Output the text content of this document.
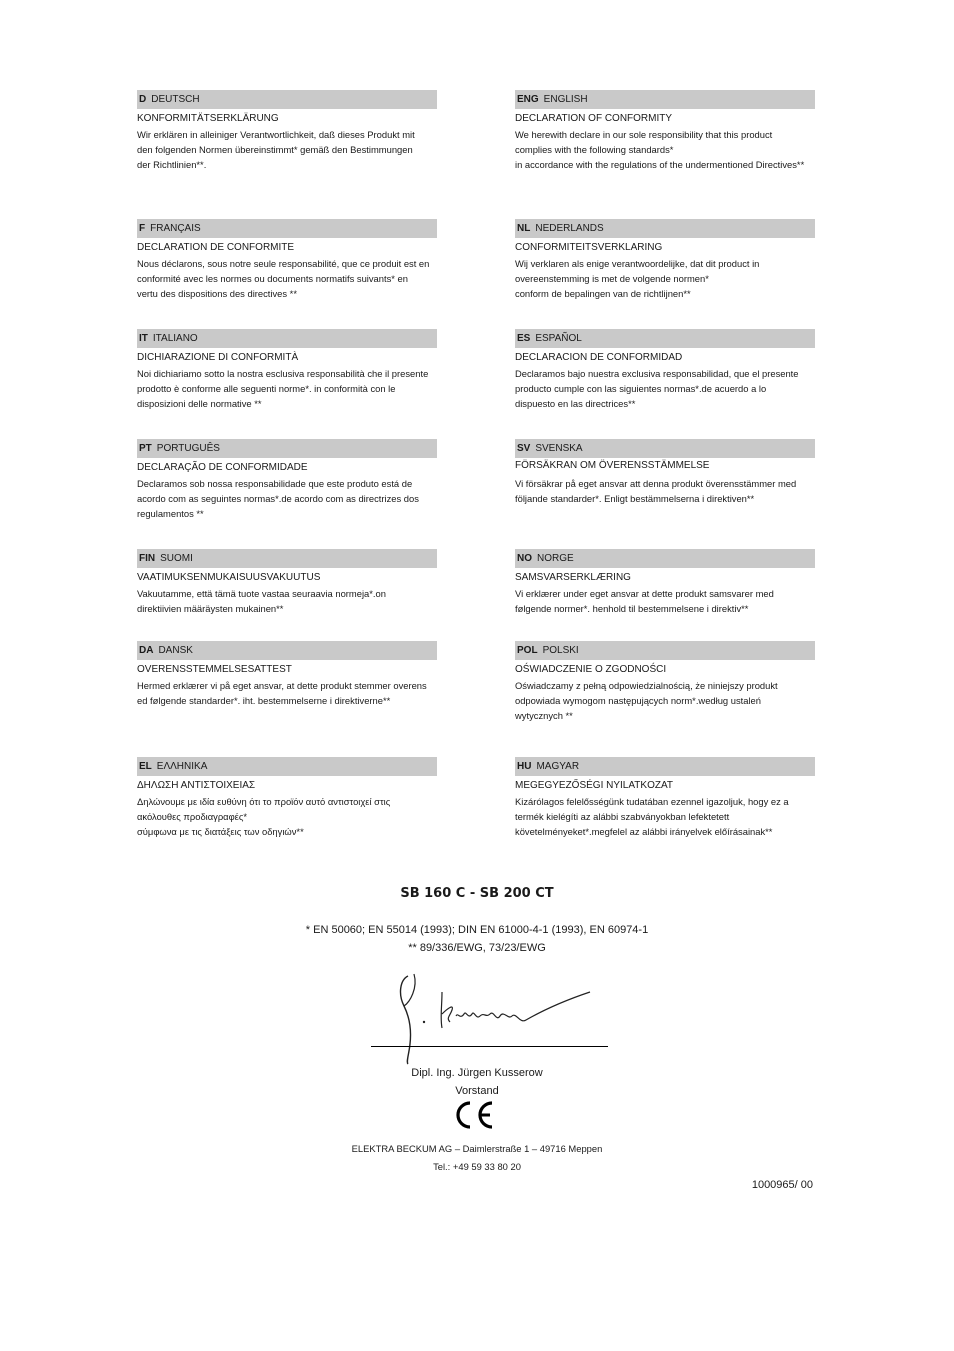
D DEUTSCH
KONFORMITÄTSERKLÄRUNG
Wir erklären in alleiniger Verantwortlichkeit, daß dieses Produkt mit
den folgenden Normen übereinstimmt* gemäß den Bestimmungen
der Richtlinien**.
F FRANÇAIS
DECLARATION DE CONFORMITE
Nous déclarons, sous notre seule responsabilité, que ce produit est en
conformité avec les normes ou documents normatifs suivants* en
vertu des dispositions des directives **
IT ITALIANO
DICHIARAZIONE DI CONFORMITÀ
Noi dichiariamo sotto la nostra esclusiva responsabilità che il presente
prodotto è conforme alle seguenti norme*. in conformità con le
disposizioni delle normative **
PT PORTUGUÊS
DECLARAÇÃO DE CONFORMIDADE
Declaramos sob nossa responsabilidade que este produto está de
acordo com as seguintes normas*.de acordo com as directrizes dos
regulamentos **
FIN SUOMI
VAATIMUKSENMUKAISUUSVAKUUTUS
Vakuutamme, että tämä tuote vastaa seuraavia normeja*.on
direktiivien määräysten mukainen**
DA DANSK
OVERENSSTEMMELSESATTEST
Hermed erklærer vi på eget ansvar, at dette produkt stemmer overens
ed følgende standarder*. iht. bestemmelserne i direktiverne**
EL ΕΛΛΗΝΙΚΑ
ΔΗΛΩΣΗ ΑΝΤΙΣΤΟΙΧΕΙΑΣ
Δηλώνουμε με ιδία ευθύνη ότι το προϊόν αυτό αντιστοιχεί στις
ακόλουθες προδιαγραφές*
σύμφωνα με τις διατάξεις των οδηγιών**
ENG ENGLISH
DECLARATION OF CONFORMITY
We herewith declare in our sole responsibility that this product
complies with the following standards*
in accordance with the regulations of the undermentioned Directives**
NL NEDERLANDS
CONFORMITEITSVERKLARING
Wij verklaren als enige verantwoordelijke, dat dit product in
overeenstemming is met de volgende normen*
conform de bepalingen van de richtlijnen**
ES ESPAÑOL
DECLARACION DE CONFORMIDAD
Declaramos bajo nuestra exclusiva responsabilidad, que el presente
producto cumple con las siguientes normas*.de acuerdo a lo
dispuesto en las directrices**
SV SVENSKA
FÖRSÄKRAN OM ÖVERENSSTÄMMELSE
Vi försäkrar på eget ansvar att denna produkt överensstämmer med
följande standarder*. Enligt bestämmelserna i direktiven**
NO NORGE
SAMSVARSERKLÆRING
Vi erklærer under eget ansvar at dette produkt samsvarer med
følgende normer*. henhold til bestemmelsene i direktiv**
POL POLSKI
OŚWIADCZENIE O ZGODNOŚCI
Oświadczamy z pełną odpowiedzialnością, że niniejszy produkt
odpowiada wymogom następujących norm*.według ustaleń
wytycznych **
HU MAGYAR
MEGEGYEZŐSÉGI NYILATKOZAT
Kizárólagos felelősségünk tudatában ezennel igazoljuk, hogy ez a
termék kielégíti az alábbi szabványokban lefektetett
követelményeket*.megfelel az alábbi irányelvek előírásainak**
SB 160 C - SB 200 CT
* EN 50060; EN 55014 (1993); DIN EN 61000-4-1 (1993), EN 60974-1
** 89/336/EWG, 73/23/EWG
Dipl. Ing. Jürgen Kusserow
Vorstand
ELEKTRA BECKUM AG – Daimlerstraße 1 – 49716 Meppen
Tel.: +49 59 33 80 20
1000965/ 00
